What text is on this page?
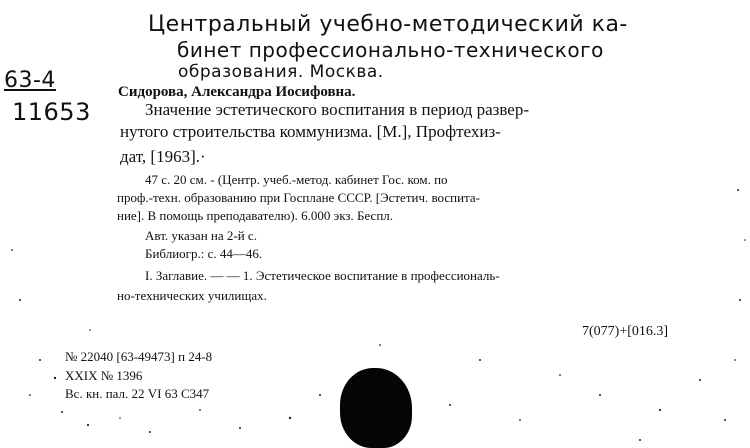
Центральный учебно-методический ка-
бинет профессионально-технического
образования. Москва.
63-4
11653
Сидорова, Александра Иосифовна.
Значение эстетического воспитания в период развер-
нутого строительства коммунизма. [М.], Профтехиз-
дат, [1963].·
47 с. 20 см. - (Центр. учеб.-метод. кабинет Гос. ком. по
проф.-техн. образованию при Госплане СССР. [Эстетич. воспита-
ние]. В помощь преподавателю). 6.000 экз. Беспл.
Авт. указан на 2-й с.
Библиогр.: с. 44—46.
I. Заглавие. — — 1. Эстетическое воспитание в профессиональ-
но-технических училищах.
7(077)+[016.3]
№ 22040 [63-49473] п 24-8
XXIX № 1396
Вс. кн. пал. 22 VI 63 С347
